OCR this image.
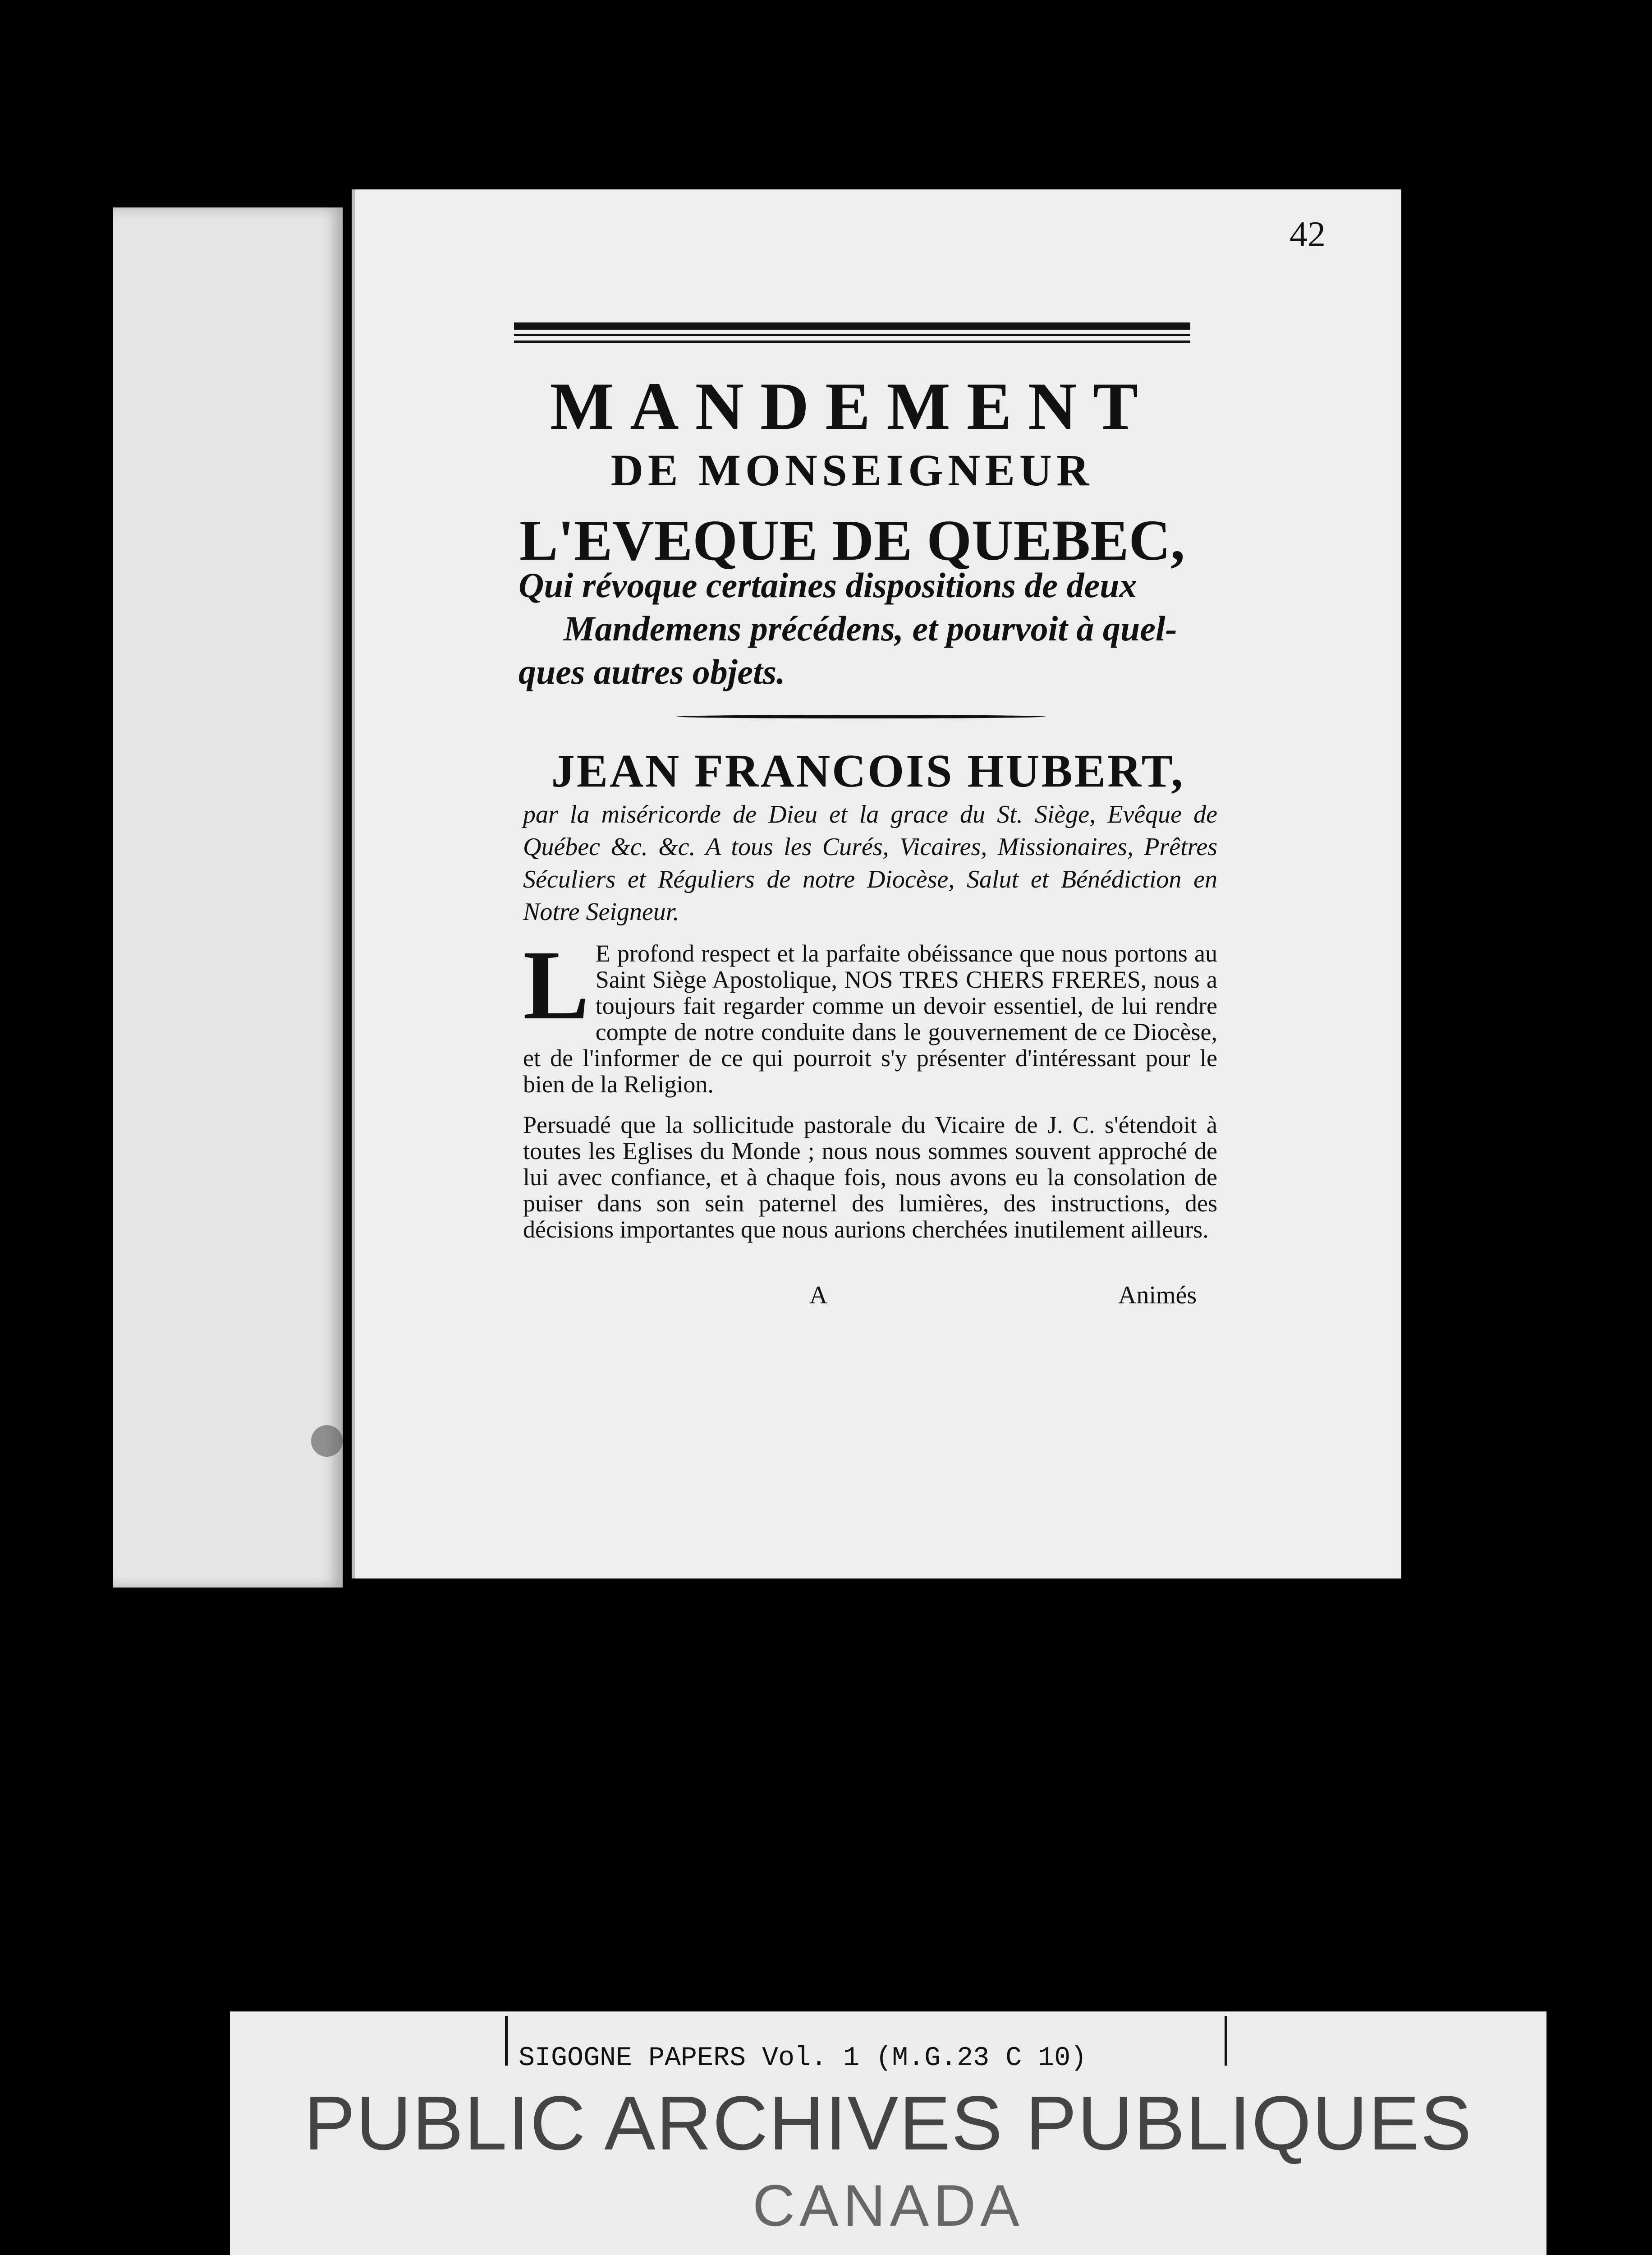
42
MANDEMENT
DE MONSEIGNEUR
L'EVEQUE DE QUEBEC,
Qui révoque certaines dispositions de deux
Mandemens précédens, et pourvoit à quel-
ques autres objets.
JEAN FRANCOIS HUBERT,
par la miséricorde de Dieu et la grace du St. Siège, Evêque de Québec &c. &c. A tous les Curés, Vicaires, Missionaires, Prêtres Séculiers et Réguliers de notre Diocèse, Salut et Bénédiction en Notre Seigneur.
L E profond respect et la parfaite obéissance que nous portons au Saint Siège Apostolique, NOS TRES CHERS FRERES, nous a toujours fait regarder comme un devoir essentiel, de lui rendre compte de notre conduite dans le gouvernement de ce Diocèse, et de l'informer de ce qui pourroit s'y présenter d'intéressant pour le bien de la Religion.
Persuadé que la sollicitude pastorale du Vicaire de J. C. s'étendoit à toutes les Eglises du Monde ; nous nous sommes souvent approché de lui avec confiance, et à chaque fois, nous avons eu la consolation de puiser dans son sein paternel des lumières, des instructions, des décisions importantes que nous aurions cherchées inutilement ailleurs.
A	Animés
SIGOGNE PAPERS Vol. 1 (M.G.23 C 10)
PUBLIC ARCHIVES PUBLIQUES
CANADA
